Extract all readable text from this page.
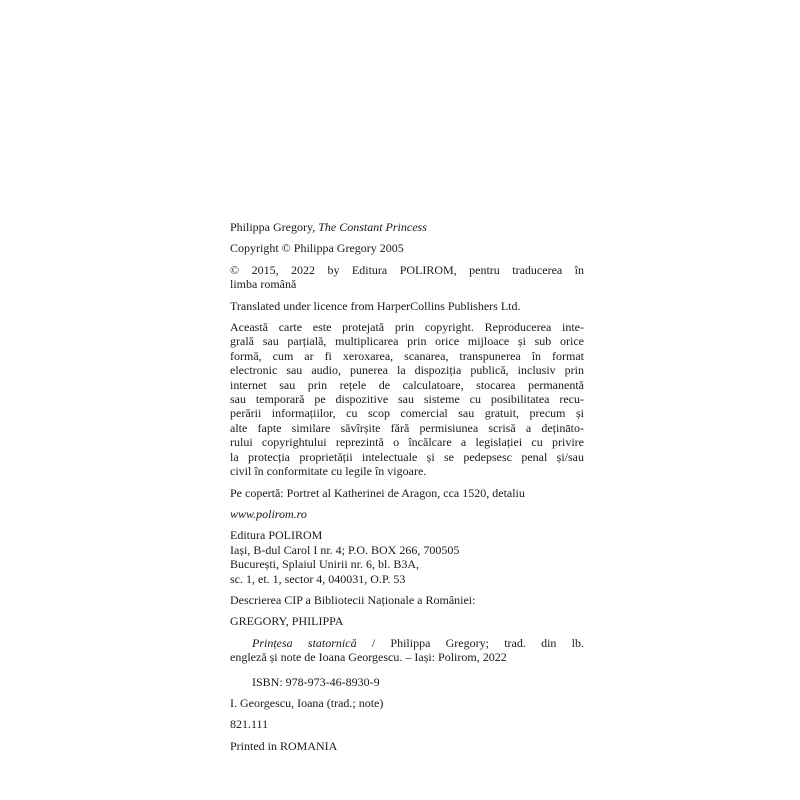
Philippa Gregory, The Constant Princess
Copyright © Philippa Gregory 2005
© 2015, 2022 by Editura POLIROM, pentru traducerea în
limba română
Translated under licence from HarperCollins Publishers Ltd.
Această carte este protejată prin copyright. Reproducerea inte-
grală sau parțială, multiplicarea prin orice mijloace și sub orice
formă, cum ar fi xeroxarea, scanarea, transpunerea în format
electronic sau audio, punerea la dispoziția publică, inclusiv prin
internet sau prin rețele de calculatoare, stocarea permanentă
sau temporară pe dispozitive sau sisteme cu posibilitatea recu-
perării informațiilor, cu scop comercial sau gratuit, precum și
alte fapte similare săvîrșite fără permisiunea scrisă a dețināto-
rului copyrightului reprezintă o încălcare a legislației cu privire
la protecția proprietății intelectuale și se pedepsesc penal și/sau
civil în conformitate cu legile în vigoare.
Pe copertă: Portret al Katherinei de Aragon, cca 1520, detaliu
www.polirom.ro
Editura POLIROM
Iași, B-dul Carol I nr. 4; P.O. BOX 266, 700505
București, Splaiul Unirii nr. 6, bl. B3A,
sc. 1, et. 1, sector 4, 040031, O.P. 53
Descrierea CIP a Bibliotecii Naționale a României:
GREGORY, PHILIPPA
Prințesa statornică / Philippa Gregory; trad. din lb.
engleză și note de Ioana Georgescu. – Iași: Polirom, 2022
ISBN: 978-973-46-8930-9
I. Georgescu, Ioana (trad.; note)
821.111
Printed in ROMANIA
